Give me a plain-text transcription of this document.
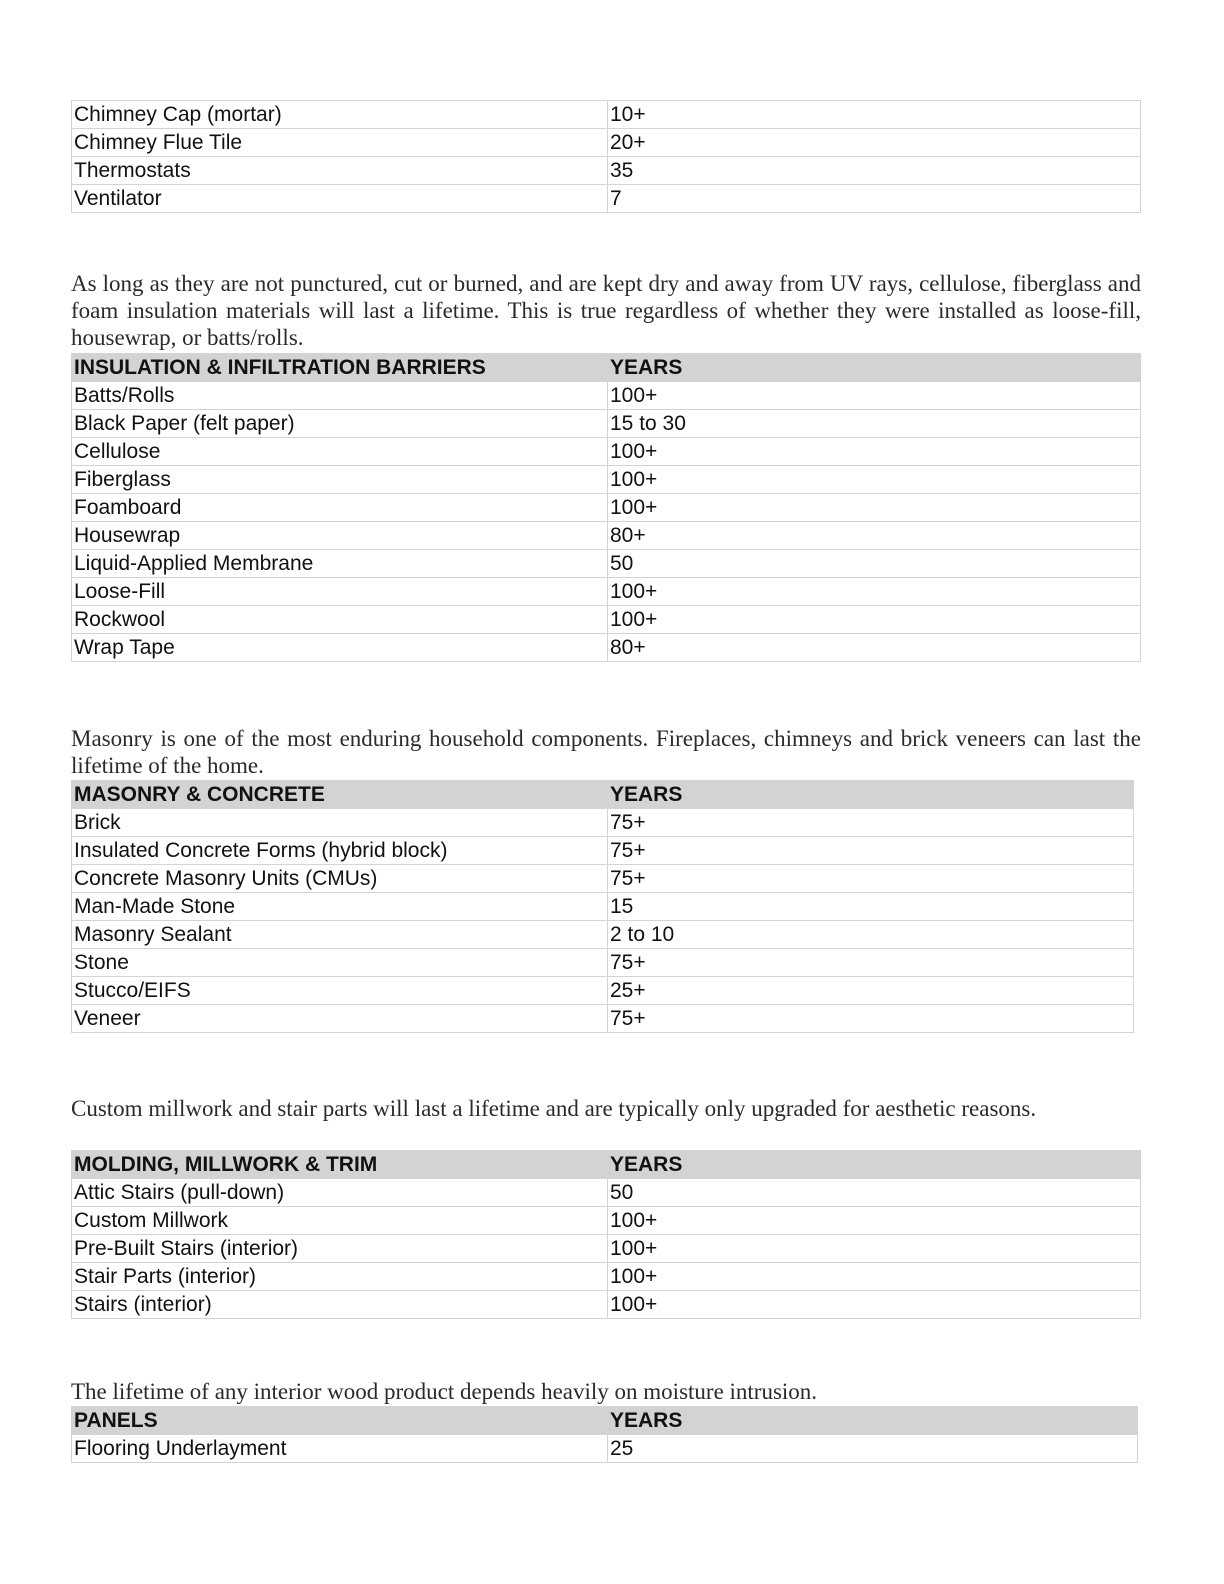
Chimney Cap (mortar)	10+
Chimney Flue Tile	20+
Thermostats	35
Ventilator	7

As long as they are not punctured, cut or burned, and are kept dry and away from UV rays, cellulose, fiberglass and foam insulation materials will last a lifetime. This is true regardless of whether they were installed as loose-fill, housewrap, or batts/rolls.

INSULATION & INFILTRATION BARRIERS	YEARS
Batts/Rolls	100+
Black Paper (felt paper)	15 to 30
Cellulose	100+
Fiberglass	100+
Foamboard	100+
Housewrap	80+
Liquid-Applied Membrane	50
Loose-Fill	100+
Rockwool	100+
Wrap Tape	80+

Masonry is one of the most enduring household components. Fireplaces, chimneys and brick veneers can last the lifetime of the home.

MASONRY & CONCRETE	YEARS
Brick	75+
Insulated Concrete Forms (hybrid block)	75+
Concrete Masonry Units (CMUs)	75+
Man-Made Stone	15
Masonry Sealant	2 to 10
Stone	75+
Stucco/EIFS	25+
Veneer	75+

Custom millwork and stair parts will last a lifetime and are typically only upgraded for aesthetic reasons.

MOLDING, MILLWORK & TRIM	YEARS
Attic Stairs (pull-down)	50
Custom Millwork	100+
Pre-Built Stairs (interior)	100+
Stair Parts (interior)	100+
Stairs (interior)	100+

The lifetime of any interior wood product depends heavily on moisture intrusion.

PANELS	YEARS
Flooring Underlayment	25
